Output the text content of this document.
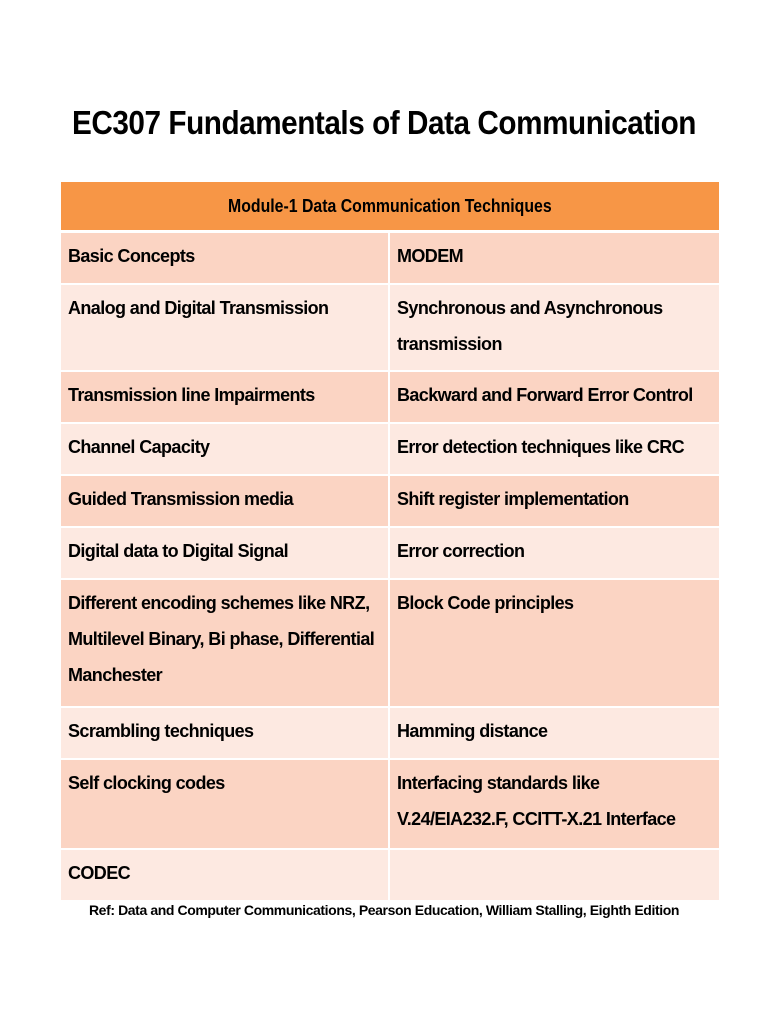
EC307 Fundamentals of Data Communication
Module-1 Data Communication Techniques	

Basic Concepts	MODEM

Analog and Digital Transmission	Synchronous and Asynchronous transmission

Transmission line Impairments	Backward and Forward Error Control

Channel Capacity	Error detection techniques like CRC

Guided Transmission media	Shift register implementation

Digital data to Digital Signal	Error correction

Different encoding schemes like NRZ, Multilevel Binary, Bi phase, Differential Manchester	Block Code principles

Scrambling techniques	Hamming distance

Self clocking codes	Interfacing standards like V.24/EIA232.F, CCITT-X.21 Interface

CODEC	

Ref: Data and Computer Communications, Pearson Education, William Stalling, Eighth Edition
